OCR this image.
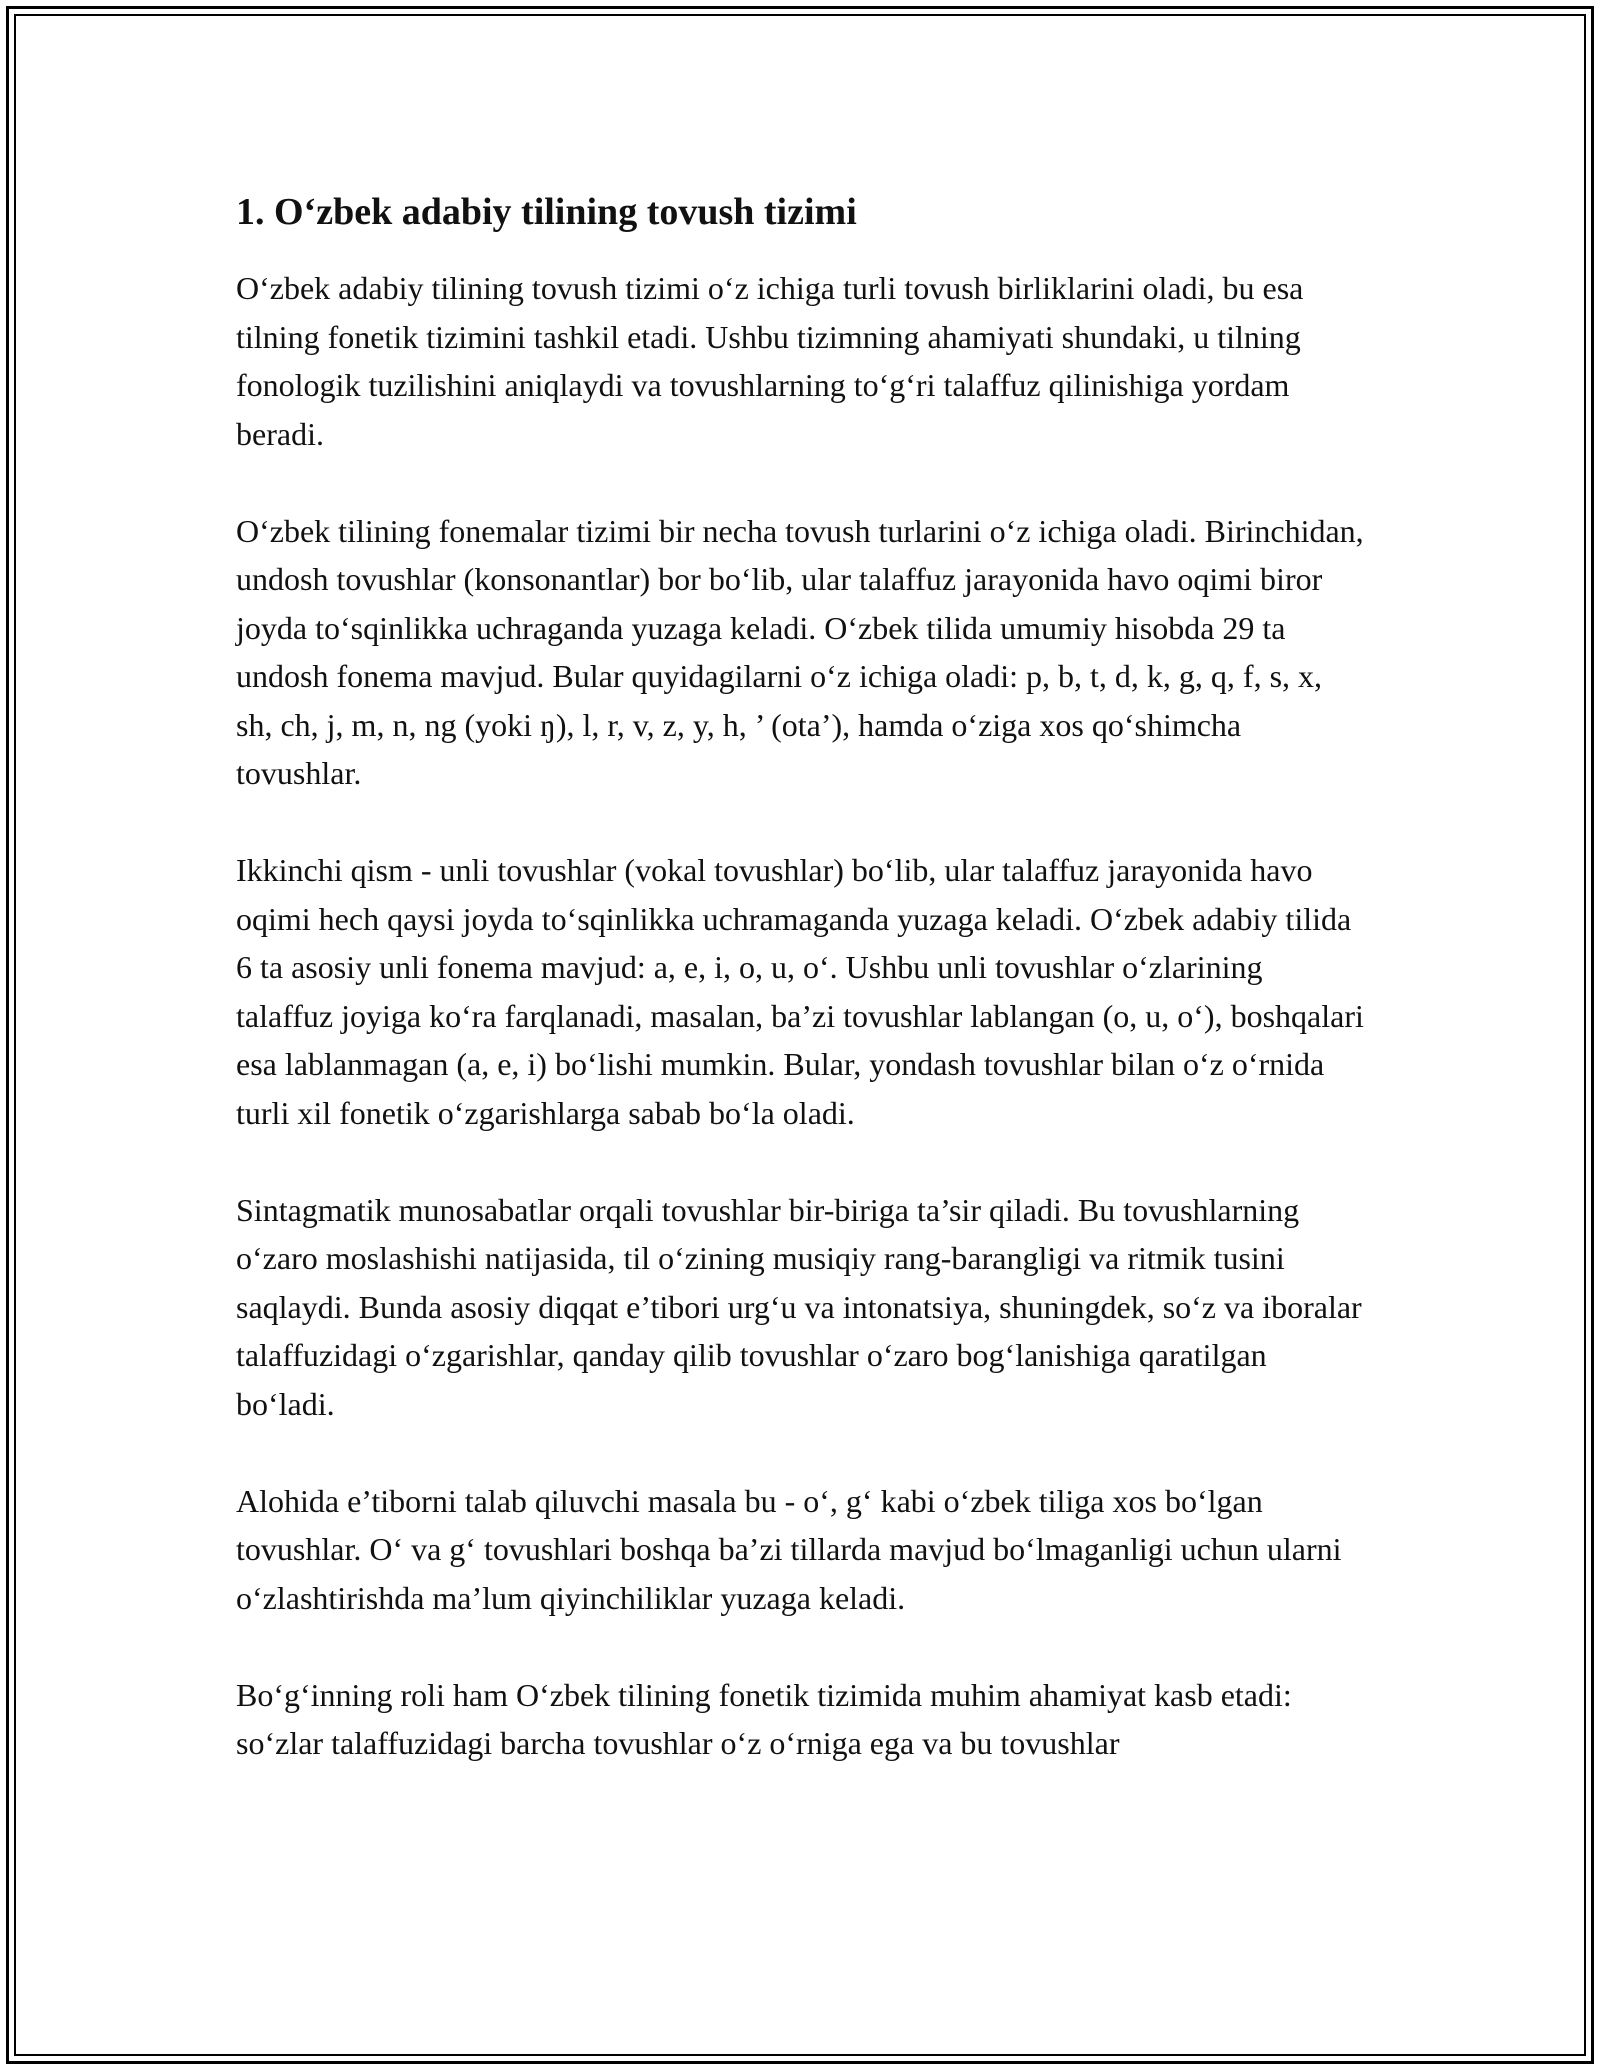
1. O‘zbek adabiy tilining tovush tizimi

O‘zbek adabiy tilining tovush tizimi o‘z ichiga turli tovush birliklarini oladi, bu esa tilning fonetik tizimini tashkil etadi. Ushbu tizimning ahamiyati shundaki, u tilning fonologik tuzilishini aniqlaydi va tovushlarning to‘g‘ri talaffuz qilinishiga yordam beradi.

O‘zbek tilining fonemalar tizimi bir necha tovush turlarini o‘z ichiga oladi. Birinchidan, undosh tovushlar (konsonantlar) bor bo‘lib, ular talaffuz jarayonida havo oqimi biror joyda to‘sqinlikka uchraganda yuzaga keladi. O‘zbek tilida umumiy hisobda 29 ta undosh fonema mavjud. Bular quyidagilarni o‘z ichiga oladi: p, b, t, d, k, g, q, f, s, x, sh, ch, j, m, n, ng (yoki ŋ), l, r, v, z, y, h, ’ (ota’), hamda o‘ziga xos qo‘shimcha tovushlar.

Ikkinchi qism - unli tovushlar (vokal tovushlar) bo‘lib, ular talaffuz jarayonida havo oqimi hech qaysi joyda to‘sqinlikka uchramaganda yuzaga keladi. O‘zbek adabiy tilida 6 ta asosiy unli fonema mavjud: a, e, i, o, u, o‘. Ushbu unli tovushlar o‘zlarining talaffuz joyiga ko‘ra farqlanadi, masalan, ba’zi tovushlar lablangan (o, u, o‘), boshqalari esa lablanmagan (a, e, i) bo‘lishi mumkin. Bular, yondash tovushlar bilan o‘z o‘rnida turli xil fonetik o‘zgarishlarga sabab bo‘la oladi.

Sintagmatik munosabatlar orqali tovushlar bir-biriga ta’sir qiladi. Bu tovushlarning o‘zaro moslashishi natijasida, til o‘zining musiqiy rang-barangligi va ritmik tusini saqlaydi. Bunda asosiy diqqat e’tibori urg‘u va intonatsiya, shuningdek, so‘z va iboralar talaffuzidagi o‘zgarishlar, qanday qilib tovushlar o‘zaro bog‘lanishiga qaratilgan bo‘ladi.

Alohida e’tiborni talab qiluvchi masala bu - o‘, g‘ kabi o‘zbek tiliga xos bo‘lgan tovushlar. O‘ va g‘ tovushlari boshqa ba’zi tillarda mavjud bo‘lmaganligi uchun ularni o‘zlashtirishda ma’lum qiyinchiliklar yuzaga keladi.

Bo‘g‘inning roli ham O‘zbek tilining fonetik tizimida muhim ahamiyat kasb etadi: so‘zlar talaffuzidagi barcha tovushlar o‘z o‘rniga ega va bu tovushlar
